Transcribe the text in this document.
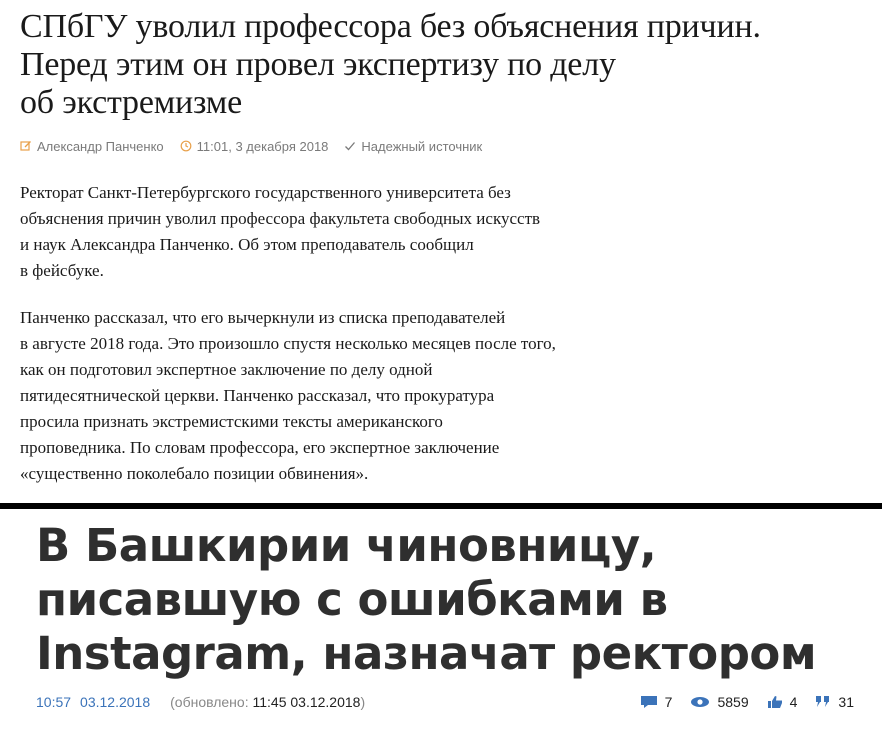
СПбГУ уволил профессора без объяснения причин.
Перед этим он провел экспертизу по делу
об экстремизме
Александр Панченко	11:01, 3 декабря 2018	Надежный источник

Ректорат Санкт-Петербургского государственного университета без
объяснения причин уволил профессора факультета свободных искусств
и наук Александра Панченко. Об этом преподаватель сообщил
в фейсбуке.

Панченко рассказал, что его вычеркнули из списка преподавателей
в августе 2018 года. Это произошло спустя несколько месяцев после того,
как он подготовил экспертное заключение по делу одной
пятидесятнической церкви. Панченко рассказал, что прокуратура
просила признать экстремистскими тексты американского
проповедника. По словам профессора, его экспертное заключение
«существенно поколебало позиции обвинения».

В Башкирии чиновницу,
писавшую с ошибками в
Instagram, назначат ректором
10:57 03.12.2018 (обновлено: 11:45 03.12.2018)	7	5859	4	31
